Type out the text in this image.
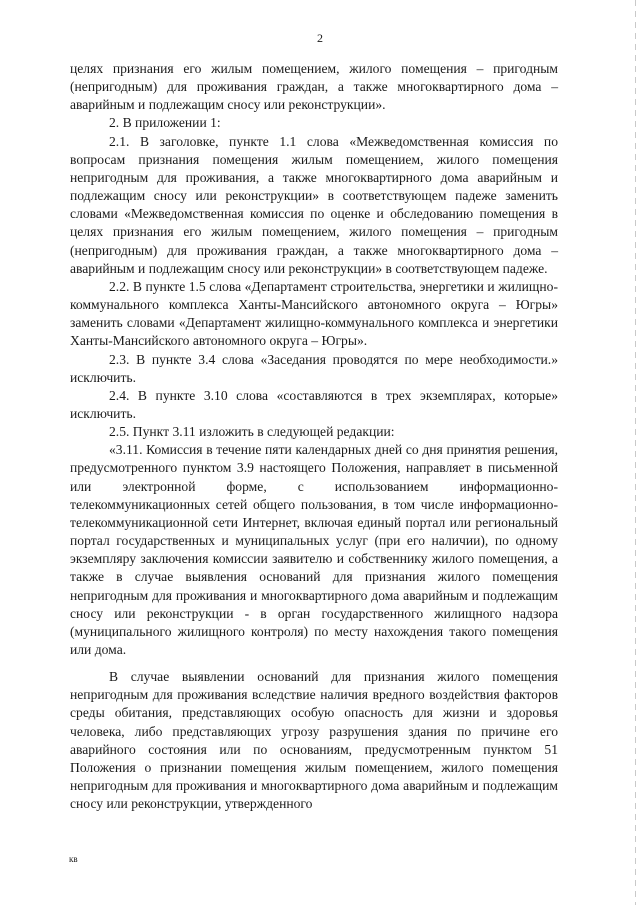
2

целях признания его жилым помещением, жилого помещения – пригодным (непригодным) для проживания граждан, а также многоквартирного дома – аварийным и подлежащим сносу или реконструкции».

2. В приложении 1:

2.1. В заголовке, пункте 1.1 слова «Межведомственная комиссия по вопросам признания помещения жилым помещением, жилого помещения непригодным для проживания, а также многоквартирного дома аварийным и подлежащим сносу или реконструкции» в соответствующем падеже заменить словами «Межведомственная комиссия по оценке и обследованию помещения в целях признания его жилым помещением, жилого помещения – пригодным (непригодным) для проживания граждан, а также многоквартирного дома – аварийным и подлежащим сносу или реконструкции» в соответствующем падеже.

2.2. В пункте 1.5 слова «Департамент строительства, энергетики и жилищно-коммунального комплекса Ханты-Мансийского автономного округа – Югры» заменить словами «Департамент жилищно-коммунального комплекса и энергетики Ханты-Мансийского автономного округа – Югры».

2.3. В пункте 3.4 слова «Заседания проводятся по мере необходимости.» исключить.

2.4. В пункте 3.10 слова «составляются в трех экземплярах, которые» исключить.

2.5. Пункт 3.11 изложить в следующей редакции:

«3.11. Комиссия в течение пяти календарных дней со дня принятия решения, предусмотренного пунктом 3.9 настоящего Положения, направляет в письменной или электронной форме, с использованием информационно-телекоммуникационных сетей общего пользования, в том числе информационно-телекоммуникационной сети Интернет, включая единый портал или региональный портал государственных и муниципальных услуг (при его наличии), по одному экземпляру заключения комиссии заявителю и собственнику жилого помещения, а также в случае выявления оснований для признания жилого помещения непригодным для проживания и многоквартирного дома аварийным и подлежащим сносу или реконструкции - в орган государственного жилищного надзора (муниципального жилищного контроля) по месту нахождения такого помещения или дома.

В случае выявлении оснований для признания жилого помещения непригодным для проживания вследствие наличия вредного воздействия факторов среды обитания, представляющих особую опасность для жизни и здоровья человека, либо представляющих угрозу разрушения здания по причине его аварийного состояния или по основаниям, предусмотренным пунктом 51 Положения о признании помещения жилым помещением, жилого помещения непригодным для проживания и многоквартирного дома аварийным и подлежащим сносу или реконструкции, утвержденного

кв
